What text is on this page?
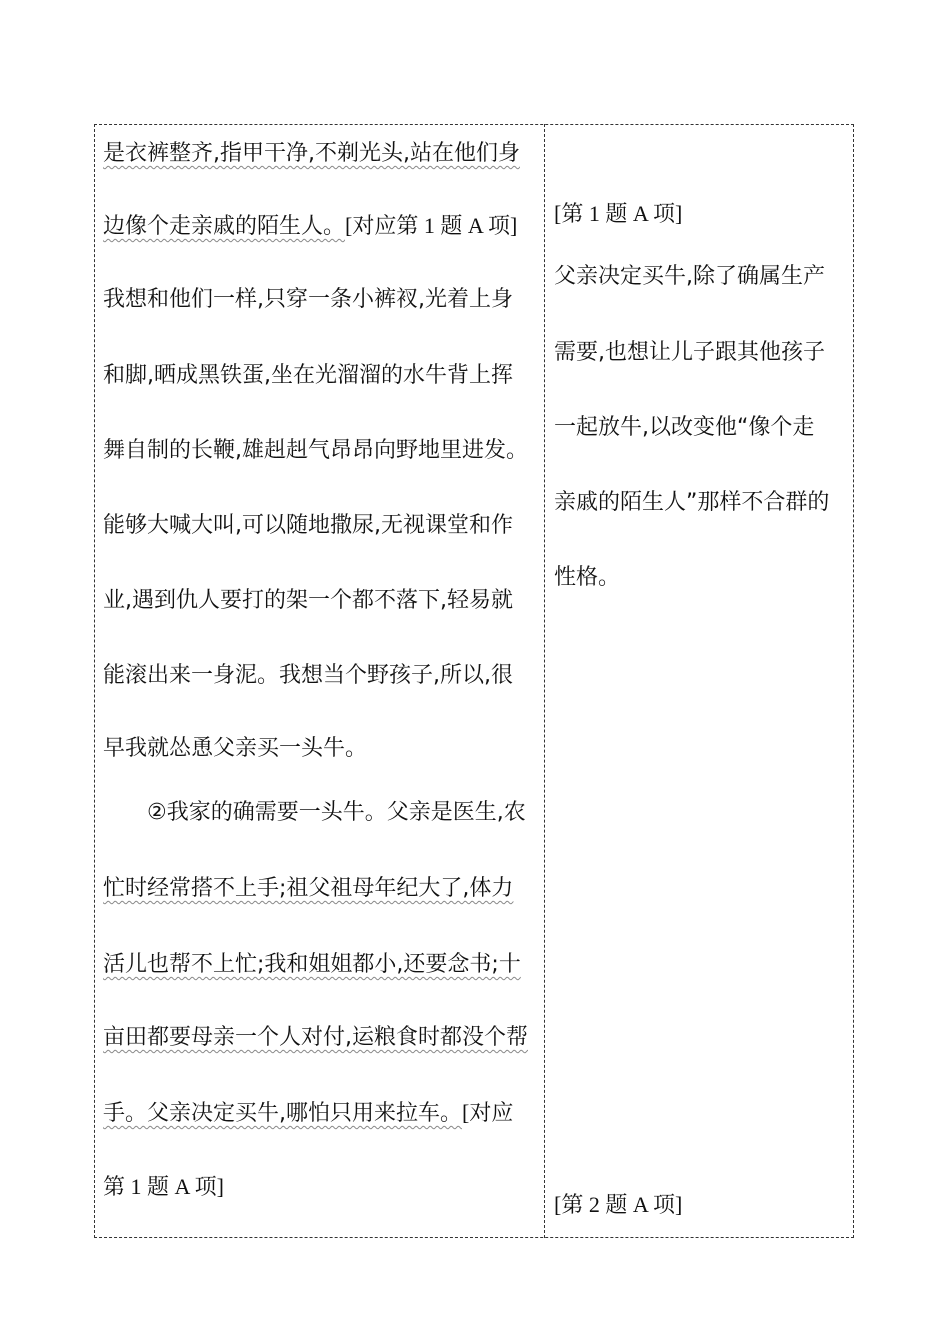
是衣裤整齐,指甲干净,不剃光头,站在他们身
边像个走亲戚的陌生人。[对应第 1 题 A 项]
我想和他们一样,只穿一条小裤衩,光着上身
和脚,晒成黑铁蛋,坐在光溜溜的水牛背上挥
舞自制的长鞭,雄赳赳气昂昂向野地里进发。
能够大喊大叫,可以随地撒尿,无视课堂和作
业,遇到仇人要打的架一个都不落下,轻易就
能滚出来一身泥。我想当个野孩子,所以,很
早我就怂恿父亲买一头牛。
　　②我家的确需要一头牛。父亲是医生,农
忙时经常搭不上手;祖父祖母年纪大了,体力
活儿也帮不上忙;我和姐姐都小,还要念书;十
亩田都要母亲一个人对付,运粮食时都没个帮
手。父亲决定买牛,哪怕只用来拉车。[对应
第 1 题 A 项]
[第 1 题 A 项]
父亲决定买牛,除了确属生产
需要,也想让儿子跟其他孩子
一起放牛,以改变他“像个走
亲戚的陌生人”那样不合群的
性格。
[第 2 题 A 项]
